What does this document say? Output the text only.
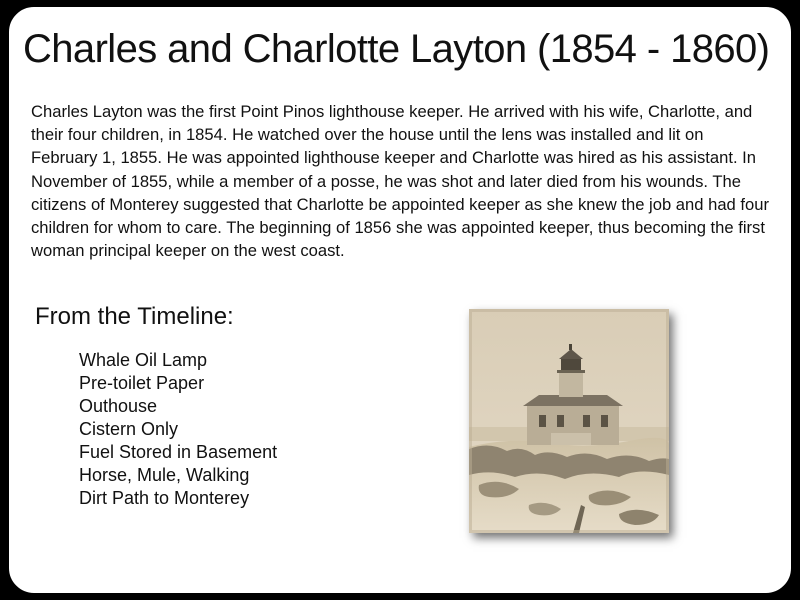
Charles and Charlotte Layton (1854 - 1860)

Charles Layton was the first Point Pinos lighthouse keeper. He arrived with his wife, Charlotte, and their four children, in 1854. He watched over the house until the lens was installed and lit on February 1, 1855. He was appointed lighthouse keeper and Charlotte was hired as his assistant. In November of 1855, while a member of a posse, he was shot and later died from his wounds. The citizens of Monterey suggested that Charlotte be appointed keeper as she knew the job and had four children for whom to care. The beginning of 1856 she was appointed keeper, thus becoming the first woman principal keeper on the west coast.

From the Timeline:
Whale Oil Lamp
Pre-toilet Paper
Outhouse
Cistern Only
Fuel Stored in Basement
Horse, Mule, Walking
Dirt Path to Monterey
